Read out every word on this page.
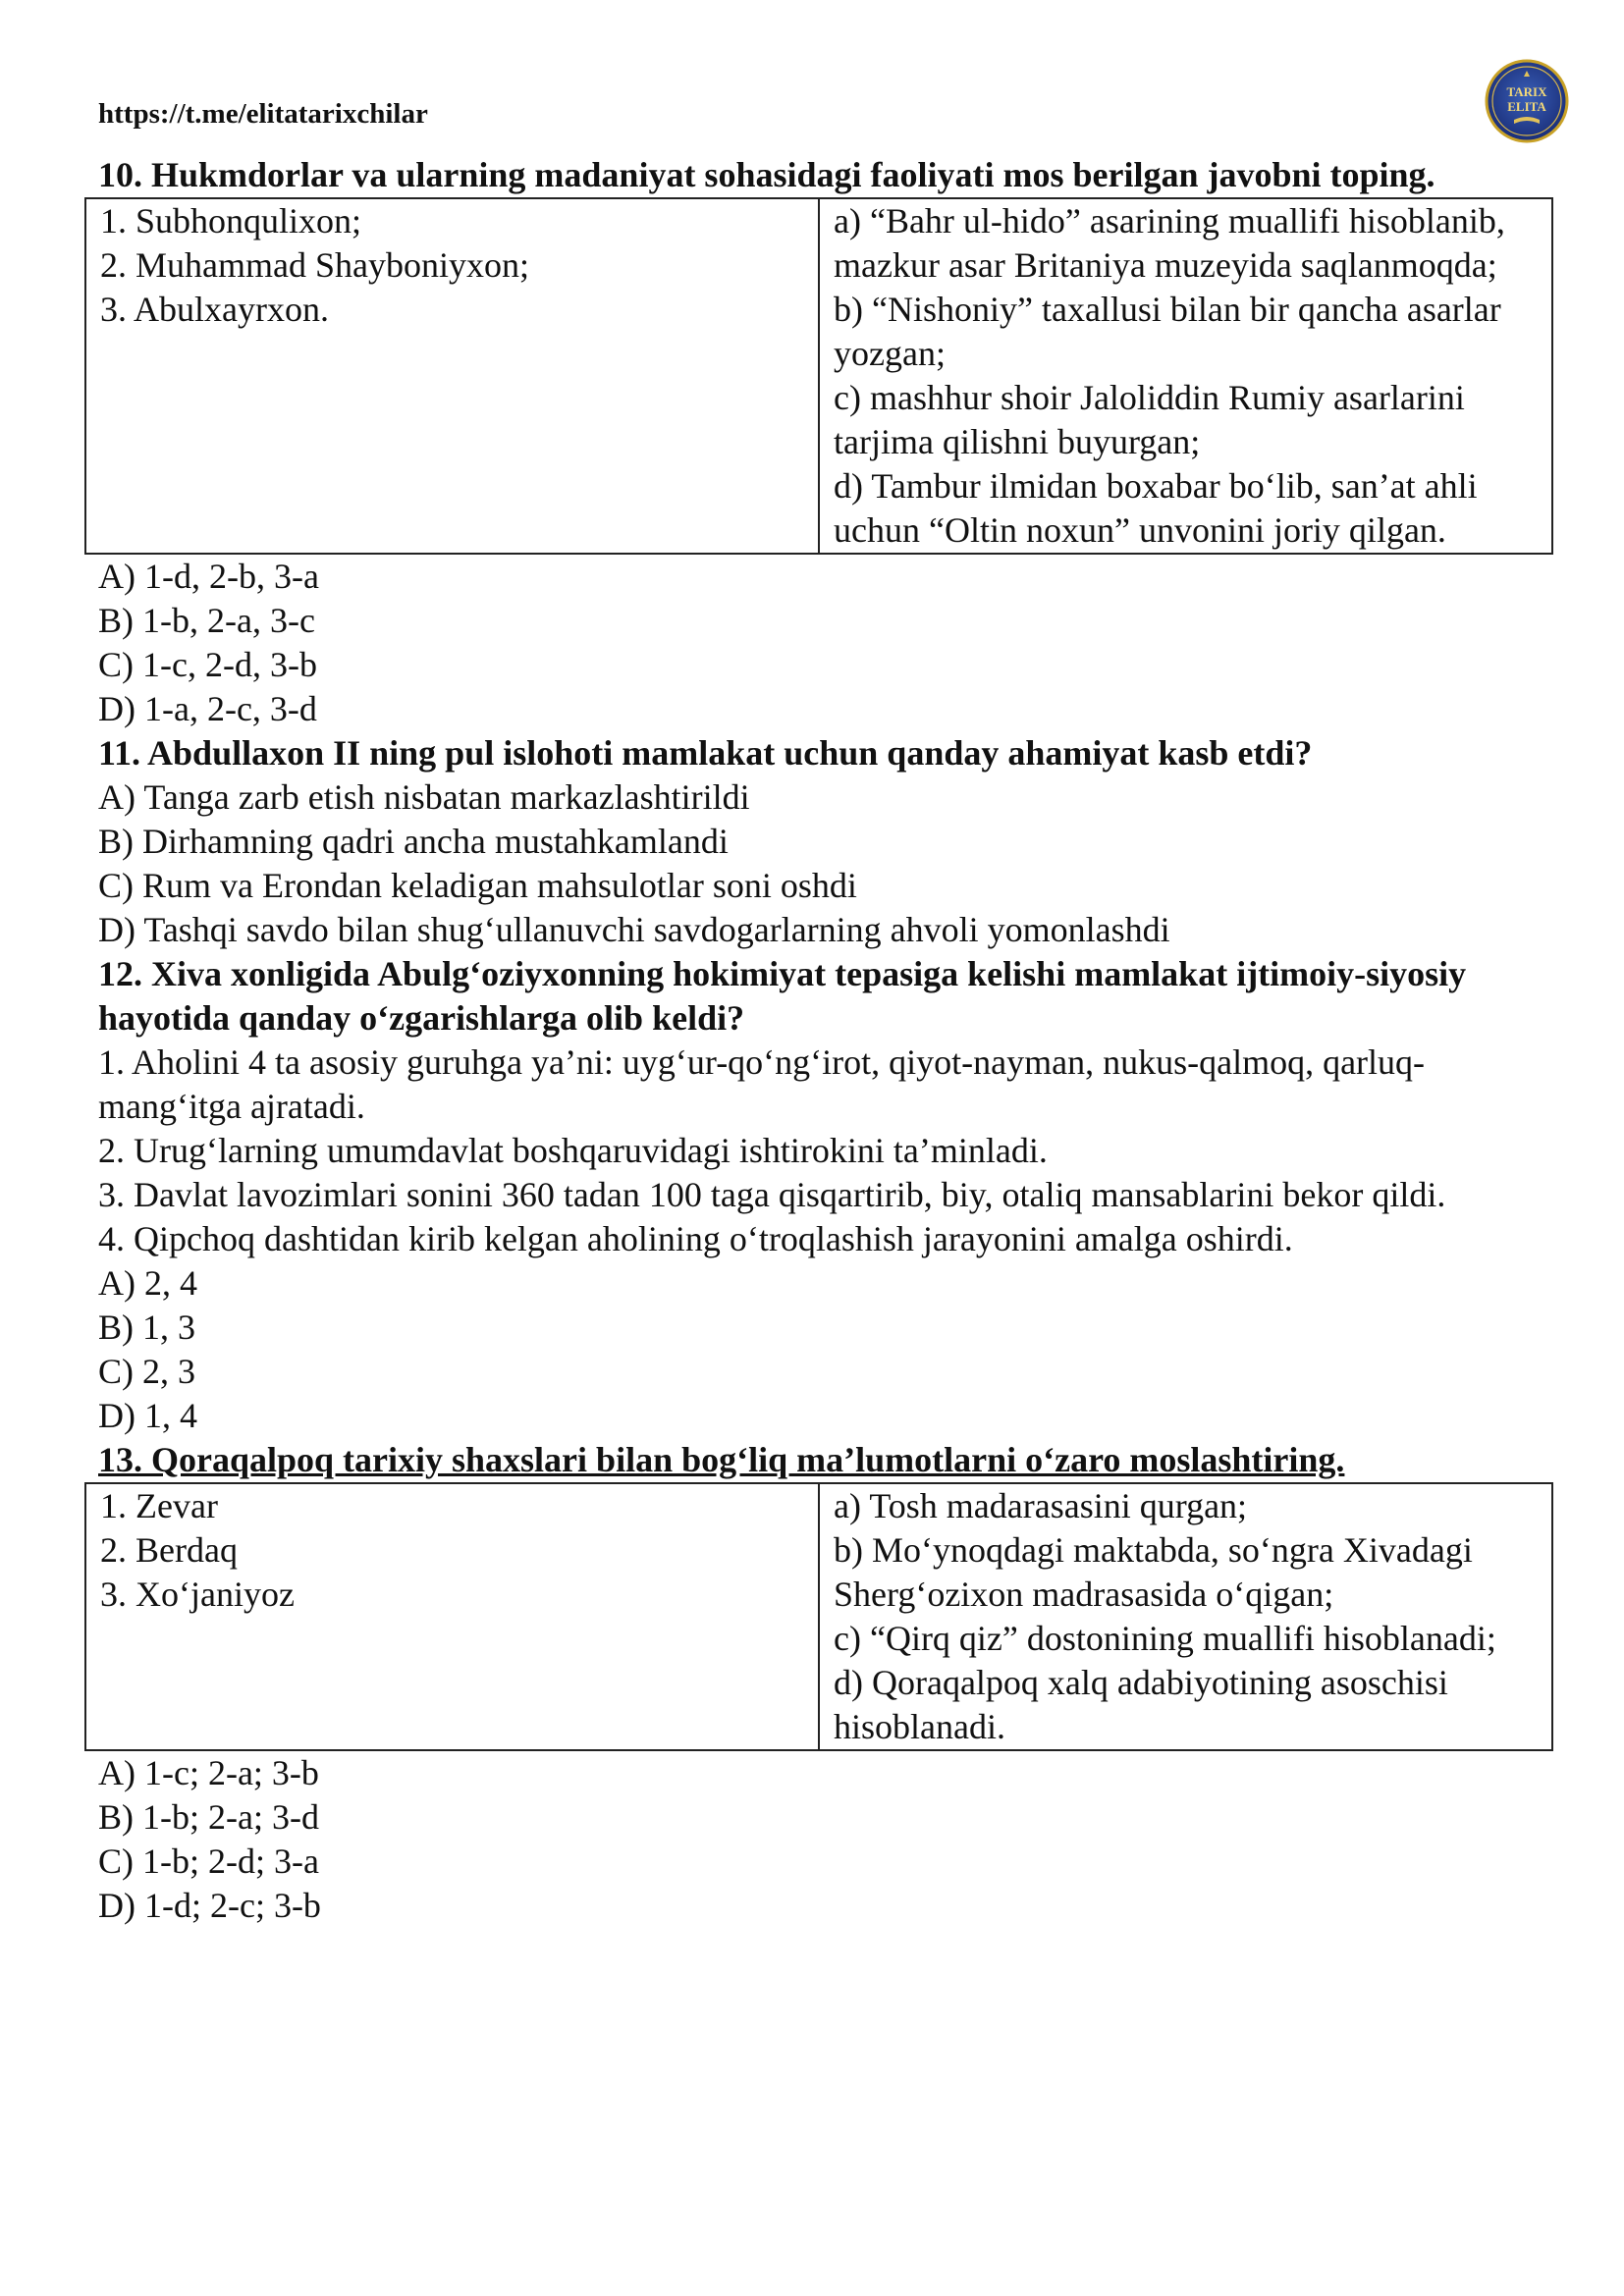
TARIX
ELITA
https://t.me/elitatarixchilar
10. Hukmdorlar va ularning madaniyat sohasidagi faoliyati mos berilgan javobni toping.
1. Subhonqulixon;
2. Muhammad Shayboniyxon;
3. Abulxayrxon.

a) “Bahr ul-hido” asarining muallifi hisoblanib, mazkur asar Britaniya muzeyida saqlanmoqda;
b) “Nishoniy” taxallusi bilan bir qancha asarlar yozgan;
c) mashhur shoir Jaloliddin Rumiy asarlarini tarjima qilishni buyurgan;
d) Tambur ilmidan boxabar bo‘lib, san’at ahli uchun “Oltin noxun” unvonini joriy qilgan.
A) 1-d, 2-b, 3-a
B) 1-b, 2-a, 3-c
C) 1-c, 2-d, 3-b
D) 1-a, 2-c, 3-d
11. Abdullaxon II ning pul islohoti mamlakat uchun qanday ahamiyat kasb etdi?
A) Tanga zarb etish nisbatan markazlashtirildi
B) Dirhamning qadri ancha mustahkamlandi
C) Rum va Erondan keladigan mahsulotlar soni oshdi
D) Tashqi savdo bilan shug‘ullanuvchi savdogarlarning ahvoli yomonlashdi
12. Xiva xonligida Abulg‘oziyxonning hokimiyat tepasiga kelishi mamlakat ijtimoiy-siyosiy hayotida qanday o‘zgarishlarga olib keldi?
1. Aholini 4 ta asosiy guruhga ya’ni: uyg‘ur-qo‘ng‘irot, qiyot-nayman, nukus-qalmoq, qarluq-mang‘itga ajratadi.
2. Urug‘larning umumdavlat boshqaruvidagi ishtirokini ta’minladi.
3. Davlat lavozimlari sonini 360 tadan 100 taga qisqartirib, biy, otaliq mansablarini bekor qildi.
4. Qipchoq dashtidan kirib kelgan aholining o‘troqlashish jarayonini amalga oshirdi.
A) 2, 4
B) 1, 3
C) 2, 3
D) 1, 4
13. Qoraqalpoq tarixiy shaxslari bilan bog‘liq ma’lumotlarni o‘zaro moslashtiring.
1. Zevar
2. Berdaq
3. Xo‘janiyoz

a) Tosh madarasasini qurgan;
b) Mo‘ynoqdagi maktabda, so‘ngra Xivadagi Sherg‘ozixon madrasasida o‘qigan;
c) “Qirq qiz” dostonining muallifi hisoblanadi;
d) Qoraqalpoq xalq adabiyotining asoschisi hisoblanadi.
A) 1-c; 2-a; 3-b
B) 1-b; 2-a; 3-d
C) 1-b; 2-d; 3-a
D) 1-d; 2-c; 3-b
